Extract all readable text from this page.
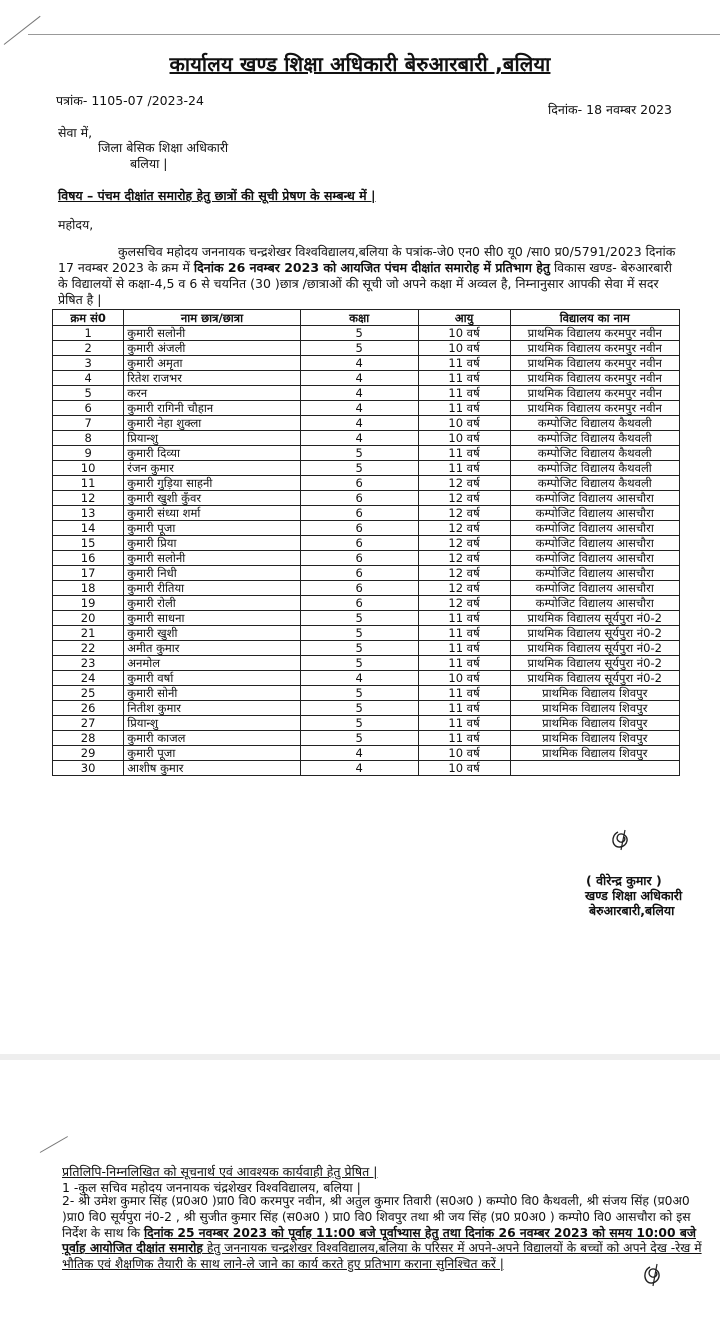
कार्यालय खण्ड शिक्षा अधिकारी बेरुआरबारी ,बलिया
पत्रांक- 1105-07 /2023-24
दिनांक- 18 नवम्बर 2023
सेवा में,
जिला बेसिक शिक्षा अधिकारी
बलिया |
विषय – पंचम दीक्षांत समारोह हेतु छात्रों की सूची प्रेषण के सम्बन्ध में |
महोदय,
कुलसचिव महोदय जननायक चन्द्रशेखर विश्वविद्यालय,बलिया के पत्रांक-जे0 एन0 सी0 यू0 /सा0 प्र0/5791/2023 दिनांक 17 नवम्बर 2023 के क्रम में दिनांक 26 नवम्बर 2023 को आयजित पंचम दीक्षांत समारोह में प्रतिभाग हेतु विकास खण्ड- बेरुआरबारी के विद्यालयों से कक्षा-4,5 व 6 से चयनित (30 )छात्र /छात्राओं की सूची जो अपने कक्षा में अव्वल है, निम्नानुसार आपकी सेवा में सदर प्रेषित है |
क्रम सं0	नाम छात्र/छात्रा	कक्षा	आयु	विद्यालय का नाम
1	कुमारी सलोनी	5	10 वर्ष	प्राथमिक विद्यालय करमपुर नवीन
2	कुमारी अंजली	5	10 वर्ष	प्राथमिक विद्यालय करमपुर नवीन
3	कुमारी अमृता	4	11 वर्ष	प्राथमिक विद्यालय करमपुर नवीन
4	रितेश राजभर	4	11 वर्ष	प्राथमिक विद्यालय करमपुर नवीन
5	करन	4	11 वर्ष	प्राथमिक विद्यालय करमपुर नवीन
6	कुमारी रागिनी चौहान	4	11 वर्ष	प्राथमिक विद्यालय करमपुर नवीन
7	कुमारी नेहा शुक्ला	4	10 वर्ष	कम्पोजिट विद्यालय कैथवली
8	प्रियान्शु	4	10 वर्ष	कम्पोजिट विद्यालय कैथवली
9	कुमारी दिव्या	5	11 वर्ष	कम्पोजिट विद्यालय कैथवली
10	रंजन कुमार	5	11 वर्ष	कम्पोजिट विद्यालय कैथवली
11	कुमारी गुड़िया साहनी	6	12 वर्ष	कम्पोजिट विद्यालय कैथवली
12	कुमारी खुशी कुँवर	6	12 वर्ष	कम्पोजिट विद्यालय आसचौरा
13	कुमारी संध्या शर्मा	6	12 वर्ष	कम्पोजिट विद्यालय आसचौरा
14	कुमारी पूजा	6	12 वर्ष	कम्पोजिट विद्यालय आसचौरा
15	कुमारी प्रिया	6	12 वर्ष	कम्पोजिट विद्यालय आसचौरा
16	कुमारी सलोनी	6	12 वर्ष	कम्पोजिट विद्यालय आसचौरा
17	कुमारी निधी	6	12 वर्ष	कम्पोजिट विद्यालय आसचौरा
18	कुमारी रीतिया	6	12 वर्ष	कम्पोजिट विद्यालय आसचौरा
19	कुमारी रोली	6	12 वर्ष	कम्पोजिट विद्यालय आसचौरा
20	कुमारी साधना	5	11 वर्ष	प्राथमिक विद्यालय सूर्यपुरा नं0-2
21	कुमारी खुशी	5	11 वर्ष	प्राथमिक विद्यालय सूर्यपुरा नं0-2
22	अमीत कुमार	5	11 वर्ष	प्राथमिक विद्यालय सूर्यपुरा नं0-2
23	अनमोल	5	11 वर्ष	प्राथमिक विद्यालय सूर्यपुरा नं0-2
24	कुमारी वर्षा	4	10 वर्ष	प्राथमिक विद्यालय सूर्यपुरा नं0-2
25	कुमारी सोनी	5	11 वर्ष	प्राथमिक विद्यालय शिवपुर
26	नितीश कुमार	5	11 वर्ष	प्राथमिक विद्यालय शिवपुर
27	प्रियान्शु	5	11 वर्ष	प्राथमिक विद्यालय शिवपुर
28	कुमारी काजल	5	11 वर्ष	प्राथमिक विद्यालय शिवपुर
29	कुमारी पूजा	4	10 वर्ष	प्राथमिक विद्यालय शिवपुर
30	आशीष कुमार	4	10 वर्ष	
( वीरेन्द्र कुमार )
खण्ड शिक्षा अधिकारी
बेरुआरबारी,बलिया
प्रतिलिपि-निम्नलिखित को सूचनार्थ एवं आवश्यक कार्यवाही हेतु प्रेषित |
1 -कुल सचिव महोदय जननायक चंद्रशेखर विश्वविद्यालय, बलिया |
2- श्री उमेश कुमार सिंह (प्र0अ0 )प्रा0 वि0 करमपुर नवीन, श्री अतुल कुमार तिवारी (स0अ0 ) कम्पो0 वि0 कैथवली, श्री संजय सिंह (प्र0अ0 )प्रा0 वि0 सूर्यपुरा नं0-2 , श्री सुजीत कुमार सिंह (स0अ0 ) प्रा0 वि0 शिवपुर तथा श्री जय सिंह (प्र0 प्र0अ0 ) कम्पो0 वि0 आसचौरा को इस निर्देश के साथ कि दिनांक 25 नवम्बर 2023 को पूर्वाह 11:00 बजे पूर्वाभ्यास हेतु तथा दिनांक 26 नवम्बर 2023 को समय 10:00 बजे पूर्वाह आयोजित दीक्षांत समारोह हेतु जननायक चन्द्रशेखर विश्वविद्यालय,बलिया के परिसर में अपने-अपने विद्यालयों के बच्चों को अपने देख -रेख में भौतिक एवं शैक्षणिक तैयारी के साथ लाने-ले जाने का कार्य करते हुए प्रतिभाग कराना सुनिश्चित करें |
